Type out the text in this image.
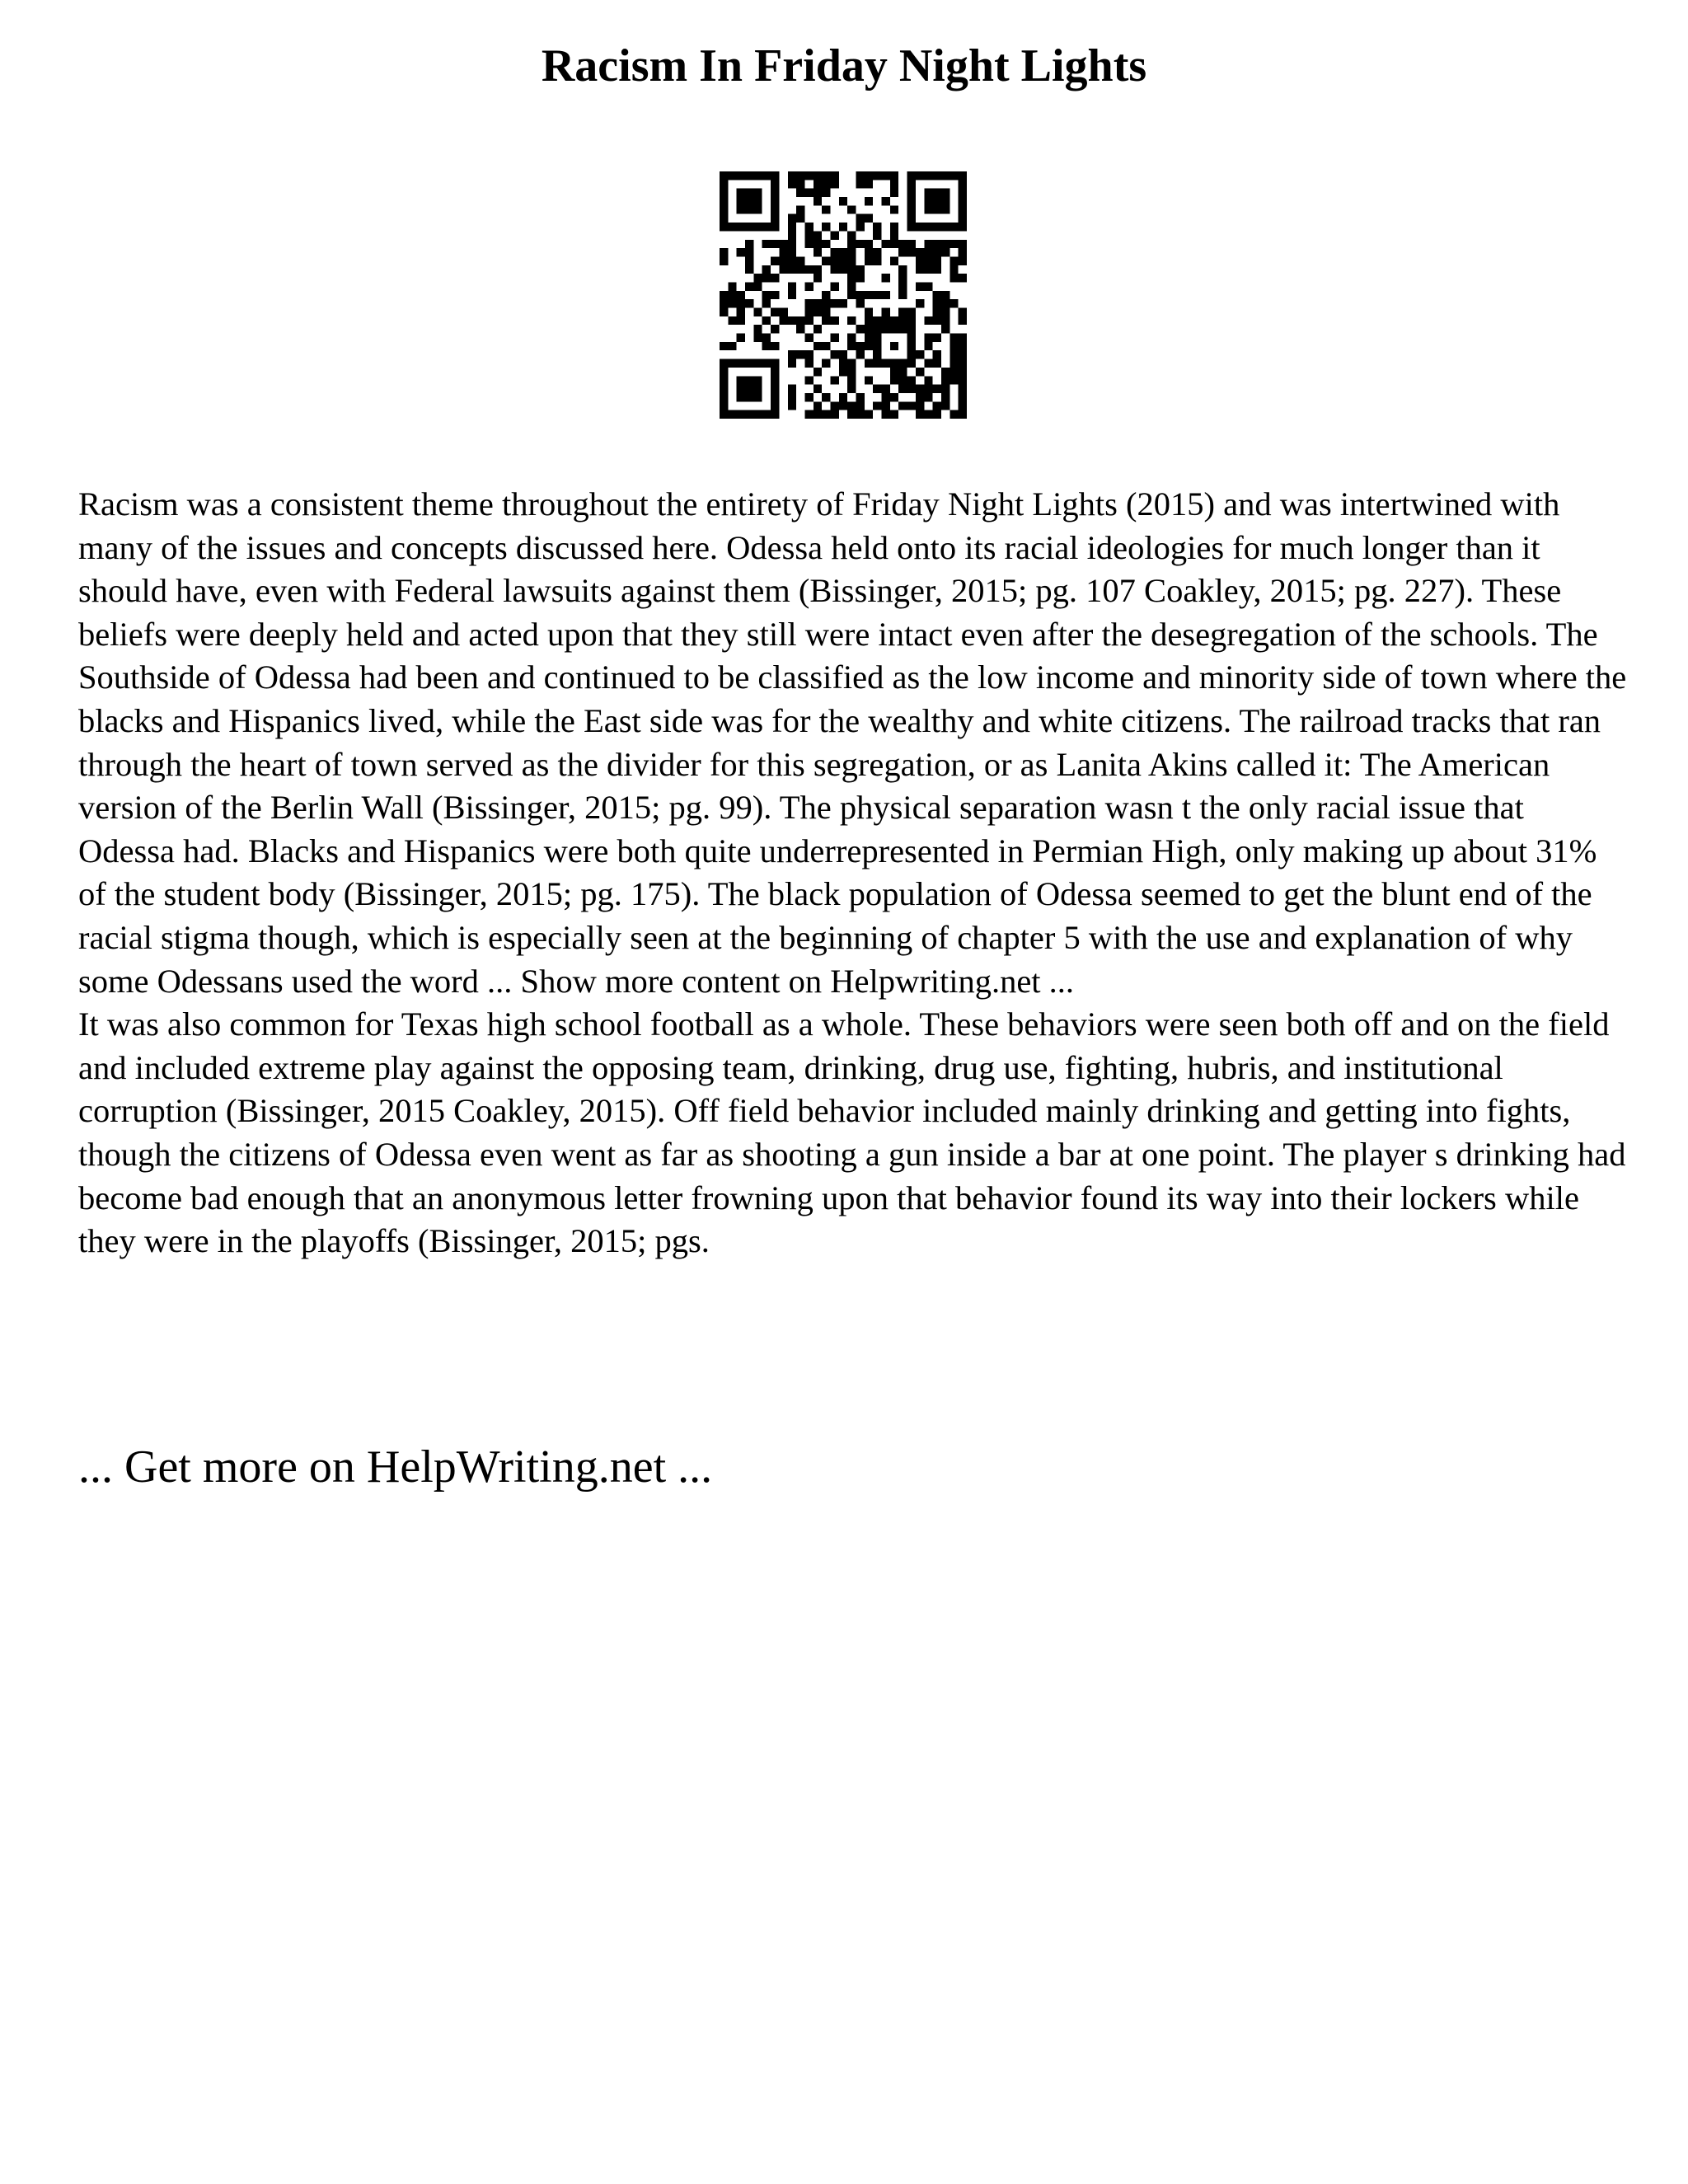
Racism In Friday Night Lights

Racism was a consistent theme throughout the entirety of Friday Night Lights (2015) and was intertwined with many of the issues and concepts discussed here. Odessa held onto its racial ideologies for much longer than it should have, even with Federal lawsuits against them (Bissinger, 2015; pg. 107 Coakley, 2015; pg. 227). These beliefs were deeply held and acted upon that they still were intact even after the desegregation of the schools. The Southside of Odessa had been and continued to be classified as the low income and minority side of town where the blacks and Hispanics lived, while the East side was for the wealthy and white citizens. The railroad tracks that ran through the heart of town served as the divider for this segregation, or as Lanita Akins called it: The American version of the Berlin Wall (Bissinger, 2015; pg. 99). The physical separation wasn t the only racial issue that Odessa had. Blacks and Hispanics were both quite underrepresented in Permian High, only making up about 31% of the student body (Bissinger, 2015; pg. 175). The black population of Odessa seemed to get the blunt end of the racial stigma though, which is especially seen at the beginning of chapter 5 with the use and explanation of why some Odessans used the word ... Show more content on Helpwriting.net ...

It was also common for Texas high school football as a whole. These behaviors were seen both off and on the field and included extreme play against the opposing team, drinking, drug use, fighting, hubris, and institutional corruption (Bissinger, 2015 Coakley, 2015). Off field behavior included mainly drinking and getting into fights, though the citizens of Odessa even went as far as shooting a gun inside a bar at one point. The player s drinking had become bad enough that an anonymous letter frowning upon that behavior found its way into their lockers while they were in the playoffs (Bissinger, 2015; pgs.

... Get more on HelpWriting.net ...
